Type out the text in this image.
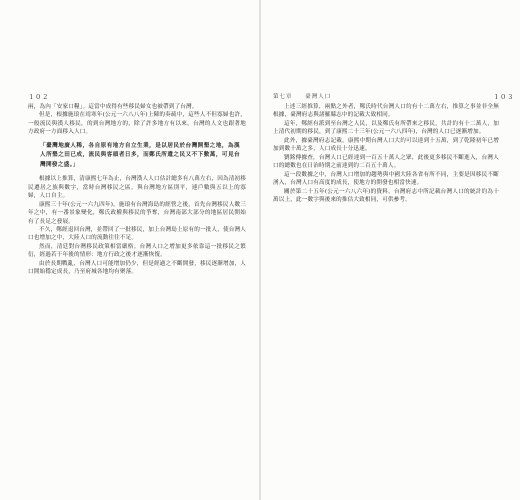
１０２

兩，為內「安家口糧」。這當中成得有些移民婦女也被帶到了台灣。

但是，根據施琅在靖寒年(公元一六八八年)上陳的奏疏中，這些人不但寡婦也許，一般流民與漢人移民，的到台灣地方的，除了許多地方有以來，台灣的人文也跟著地方政府一方面移入人口。

「臺灣地廣人稀，各自原有地方自立生業，是以居民於台灣開墾之地，為漢人所墾之田已成，流民與客頭者日多，而鄭氏所遺之民又不下數萬，可見台灣開發之盛。」

根據以上推算，清康熙七年為止，台灣漢人人口估計總多有八萬左右，因為清初移民遷居之族與數字，當時台灣移民之區。與台灣地方區別平，連戶數與五以上的寡婦，人口自主。

康熙三十年(公元一六九四年)，施琅有台灣海島的經營之後，首先台灣移民人數三年之中，有一番景象變化，鄭氏政權與移民的爭奪，台灣南部大部分的地區居民開始有了長足之發展。

不久，鄭經退回台灣，並帶回了一批移民，加上台灣島上原有的一批人，使台灣人口也增加之中，大陸人口的流動往往不足。

然而，清廷對台灣移民政策相當嚴格。台灣人口之增加更多依靠這一批移民之繁衍，經過若干年後的情形：地方行政之後才逐漸恢復。

由於長期戰亂，台灣人口可能增加仍少，但是經過之不斷開發，移民逐漸增加，人口開始穩定成長，乃至府城各地均有聚落。

第七章 臺灣人口	１０３

上述三經推算，兩點之外者，鄭氏時代台灣人口約有十二萬左右，推算之事並非全無根據，臺灣府志與諸羅縣志中的記載大致相同。

這年，鄭經有派到至台灣之人民，以及鄭氏有所帶來之移民，共計約有十二萬人，加上清代初期的移民，到了康熙二十三年(公元一六八四年)，台灣的人口已逐漸增加。

此外，據臺灣府志記載，康熙中期台灣人口大約可以達到十五萬，到了乾隆初年已增加到數十萬之多，人口成長十分迅速。

劉銘傳據查，台灣人口已經達到一百五十萬人之眾，此後更多移民不斷進入，台灣人口的總數也在日治時期之前達到約二百五十萬人。

這一段數據之中，台灣人口增加的趨勢與中國大陸各省有所不同，主要是因移民不斷湧入，台灣人口有高度的成長，使地方的開發也相當快速。

關於第二十五年(公元一六八六年)的資料，台灣府志中所記載台灣人口的統計約為十萬以上，此一數字與後來的推估大致相同，可供參考。
